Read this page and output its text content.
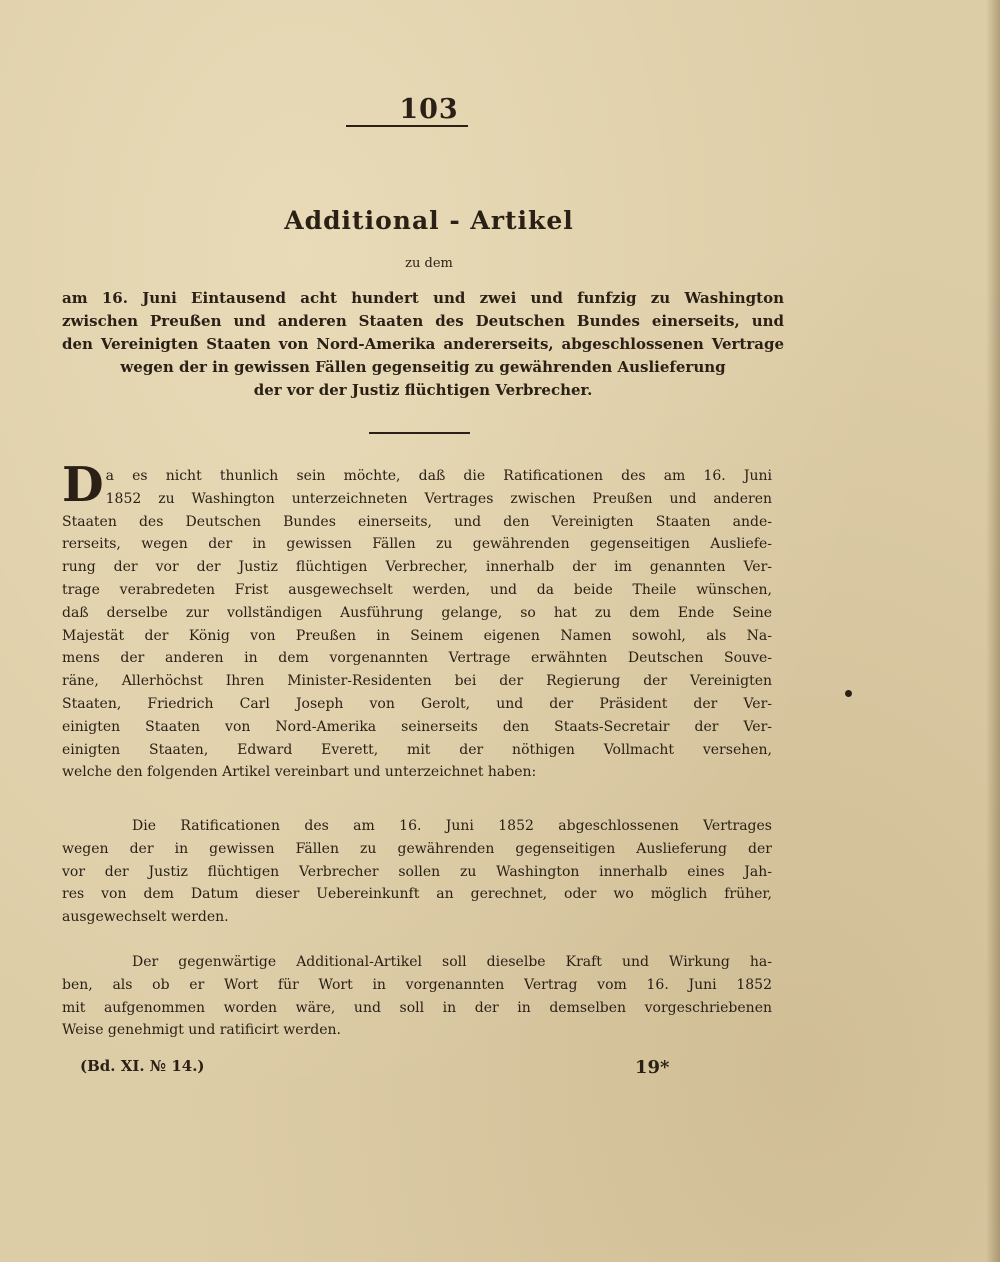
103
Additional - Artikel
zu dem
am 16. Juni Eintausend acht hundert und zwei und funfzig zu Washington
zwischen Preußen und anderen Staaten des Deutschen Bundes einerseits, und
den Vereinigten Staaten von Nord-Amerika andererseits, abgeschlossenen Vertrage
wegen der in gewissen Fällen gegenseitig zu gewährenden Auslieferung
der vor der Justiz flüchtigen Verbrecher.
D a es nicht thunlich sein möchte, daß die Ratificationen des am 16. Juni
1852 zu Washington unterzeichneten Vertrages zwischen Preußen und anderen
Staaten des Deutschen Bundes einerseits, und den Vereinigten Staaten ande-
rerseits, wegen der in gewissen Fällen zu gewährenden gegenseitigen Ausliefe-
rung der vor der Justiz flüchtigen Verbrecher, innerhalb der im genannten Ver-
trage verabredeten Frist ausgewechselt werden, und da beide Theile wünschen,
daß derselbe zur vollständigen Ausführung gelange, so hat zu dem Ende Seine
Majestät der König von Preußen in Seinem eigenen Namen sowohl, als Na-
mens der anderen in dem vorgenannten Vertrage erwähnten Deutschen Souve-
räne, Allerhöchst Ihren Minister-Residenten bei der Regierung der Vereinigten
Staaten, Friedrich Carl Joseph von Gerolt, und der Präsident der Ver-
einigten Staaten von Nord-Amerika seinerseits den Staats-Secretair der Ver-
einigten Staaten, Edward Everett, mit der nöthigen Vollmacht versehen,
welche den folgenden Artikel vereinbart und unterzeichnet haben:
Die Ratificationen des am 16. Juni 1852 abgeschlossenen Vertrages
wegen der in gewissen Fällen zu gewährenden gegenseitigen Auslieferung der
vor der Justiz flüchtigen Verbrecher sollen zu Washington innerhalb eines Jah-
res von dem Datum dieser Uebereinkunft an gerechnet, oder wo möglich früher,
ausgewechselt werden.
Der gegenwärtige Additional-Artikel soll dieselbe Kraft und Wirkung ha-
ben, als ob er Wort für Wort in vorgenannten Vertrag vom 16. Juni 1852
mit aufgenommen worden wäre, und soll in der in demselben vorgeschriebenen
Weise genehmigt und ratificirt werden.
(Bd. XI. № 14.)	19*
